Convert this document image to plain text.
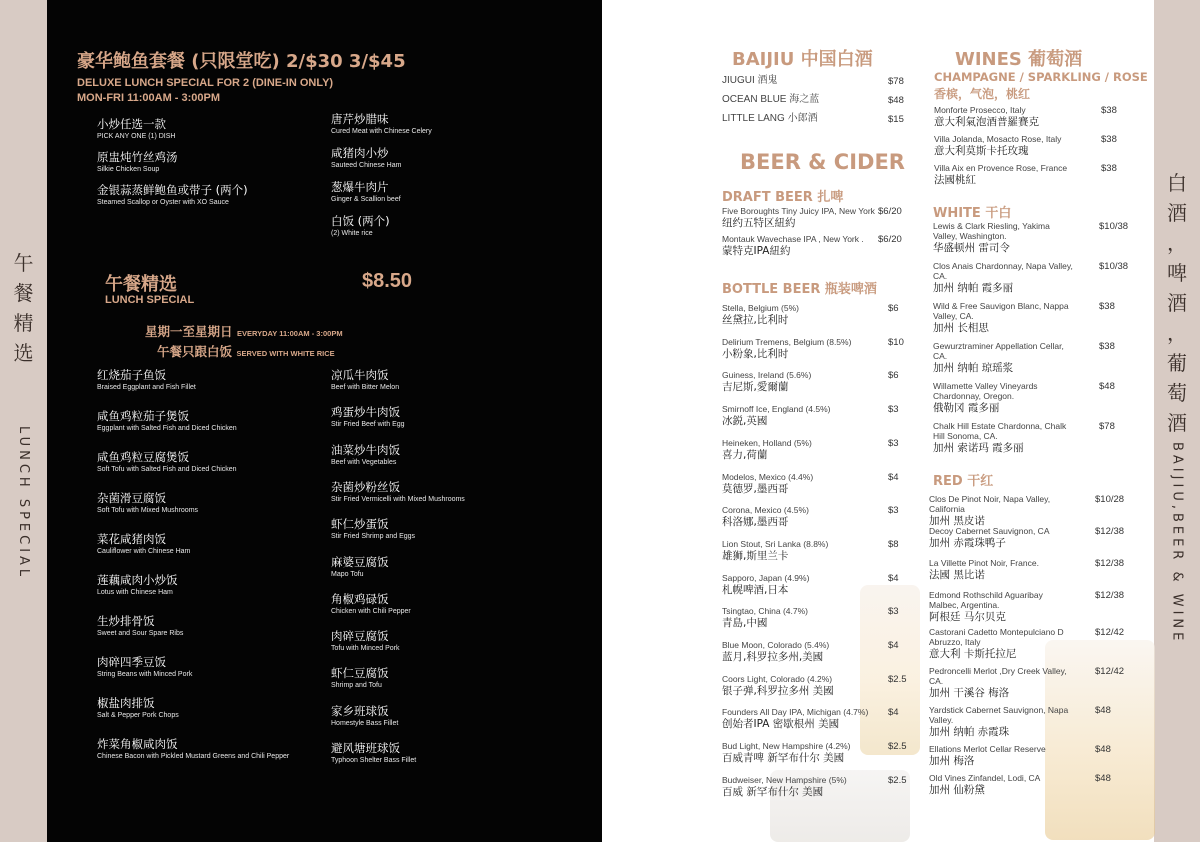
午
餐
精
选
LUNCH SPECIAL
白
酒
，
啤
酒
，
葡
萄
酒
BAIJIU,BEER & WINE
豪华鲍鱼套餐 (只限堂吃) 2/$30 3/$45
DELUXE LUNCH SPECIAL FOR 2 (DINE-IN ONLY)
MON-FRI 11:00AM - 3:00PM
小炒任选一款
PICK ANY ONE (1) DISH
原盅炖竹丝鸡汤
Silkie Chicken Soup
金银蒜蒸鲜鲍鱼或带子 (两个)
Steamed Scallop or Oyster with XO Sauce
唐芹炒腊味
Cured Meat with Chinese Celery
咸猪肉小炒
Sauteed Chinese Ham
葱爆牛肉片
Ginger & Scallion beef
白饭 (两个)
(2) White rice
午餐精选
LUNCH SPECIAL
$8.50
星期一至星期日 EVERYDAY 11:00AM - 3:00PM
午餐只跟白饭 SERVED WITH WHITE RICE
红烧茄子鱼饭
Braised Eggplant and Fish Fillet
咸鱼鸡粒茄子煲饭
Eggplant with Salted Fish and Diced Chicken
咸鱼鸡粒豆腐煲饭
Soft Tofu with Salted Fish and Diced Chicken
杂菌滑豆腐饭
Soft Tofu with Mixed Mushrooms
菜花咸猪肉饭
Cauliflower with Chinese Ham
莲藕咸肉小炒饭
Lotus with Chinese Ham
生炒排骨饭
Sweet and Sour Spare Ribs
肉碎四季豆饭
String Beans with Minced Pork
椒盐肉排饭
Salt & Pepper Pork Chops
炸菜角椒咸肉饭
Chinese Bacon with Pickled Mustard Greens and Chili Pepper
凉瓜牛肉饭
Beef with Bitter Melon
鸡蛋炒牛肉饭
Stir Fried Beef with Egg
油菜炒牛肉饭
Beef with Vegetables
杂菌炒粉丝饭
Stir Fried Vermicelli with Mixed Mushrooms
虾仁炒蛋饭
Stir Fried Shrimp and Eggs
麻婆豆腐饭
Mapo Tofu
角椒鸡碌饭
Chicken with Chili Pepper
肉碎豆腐饭
Tofu with Minced Pork
虾仁豆腐饭
Shrimp and Tofu
家乡班球饭
Homestyle Bass Fillet
避风塘班球饭
Typhoon Shelter Bass Fillet
BAIJIU 中国白酒
JIUGUI 酒鬼	$78
OCEAN BLUE 海之蓝	$48
LITTLE LANG 小郎酒	$15
BEER & CIDER
DRAFT BEER 扎啤
Five Boroughts Tiny Juicy IPA, New York
纽约五特区紐約
$6/20
Montauk Wavechase IPA , New York .
蒙特克IPA紐約
$6/20
BOTTLE BEER 瓶装啤酒
Stella, Belgium (5%)
丝黛拉,比利时
$6
Delirium Tremens, Belgium (8.5%)
小粉象,比利时
$10
Guiness, Ireland (5.6%)
吉尼斯,愛爾蘭
$6
Smirnoff Ice, England (4.5%)
冰鋭,英國
$3
Heineken, Holland (5%)
喜力,荷蘭
$3
Modelos, Mexico (4.4%)
莫德罗,墨西哥
$4
Corona, Mexico (4.5%)
科洛娜,墨西哥
$3
Lion Stout, Sri Lanka (8.8%)
雄狮,斯里兰卡
$8
Sapporo, Japan (4.9%)
札幌啤酒,日本
$4
Tsingtao, China (4.7%)
青島,中國
$3
Blue Moon, Colorado (5.4%)
蓝月,科罗拉多州,美國
$4
Coors Light, Colorado (4.2%)
银子弹,科罗拉多州 美國
$2.5
Founders All Day IPA, Michigan (4.7%)
创始者IPA 密歇根州 美國
$4
Bud Light, New Hampshire (4.2%)
百威青啤 新罕布什尔 美國
$2.5
Budweiser, New Hampshire (5%)
百威 新罕布什尔 美國
$2.5
WINES 葡萄酒
CHAMPAGNE / SPARKLING / ROSE
香槟，气泡，桃红
Monforte Prosecco, Italy
意大利氣泡酒普羅賽克
$38
Villa Jolanda, Mosacto Rose, Italy
意大利莫斯卡托玫瑰
$38
Villa Aix en Provence Rose, France
法國桃紅
$38
WHITE 干白
Lewis & Clark Riesling, Yakima Valley, Washington.
华盛顿州 雷司令
$10/38
Clos Anais Chardonnay, Napa Valley, CA.
加州 纳帕 霞多丽
$10/38
Wild & Free Sauvigon Blanc, Nappa Valley, CA.
加州 长相思
$38
Gewurztraminer Appellation Cellar, CA.
加州 纳帕 琼瑶浆
$38
Willamette Valley Vineyards Chardonnay, Oregon.
俄勒冈 霞多丽
$48
Chalk Hill Estate Chardonna, Chalk Hill Sonoma, CA.
加州 索诺玛 霞多丽
$78
RED 干红
Clos De Pinot Noir, Napa Valley, California
加州 黑皮诺
$10/28
Decoy Cabernet Sauvignon, CA
加州 赤霞珠鸭子
$12/38
La Villette Pinot Noir, France.
法國 黑比诺
$12/38
Edmond Rothschild Aguaribay Malbec, Argentina.
阿根廷 马尔贝克
$12/38
Castorani Cadetto Montepulciano D Abruzzo, Italy
意大利 卡斯托拉尼
$12/42
Pedroncelli Merlot ,Dry Creek Valley, CA.
加州 干溪谷 梅洛
$12/42
Yardstick Cabernet Sauvignon, Napa Valley.
加州 纳帕 赤霞珠
$48
Ellations Merlot Cellar Reserve
加州 梅洛
$48
Old Vines Zinfandel, Lodi, CA
加州 仙粉黛
$48
